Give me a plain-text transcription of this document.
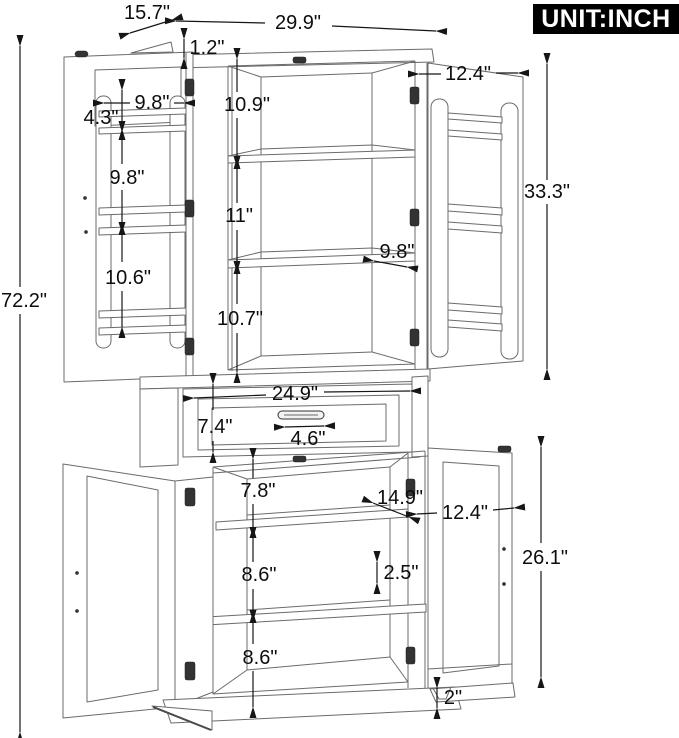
15.7"	29.9"
1.2"
12.4"
33.3"
9.8"
4.3"
9.8"
10.9"
11"
9.8"
10.6"
10.7"
72.2"
24.9"
7.4"
4.6"
7.8"	14.9"
12.4"
8.6"	2.5"
26.1"
8.6"
2"
UNIT:INCH
